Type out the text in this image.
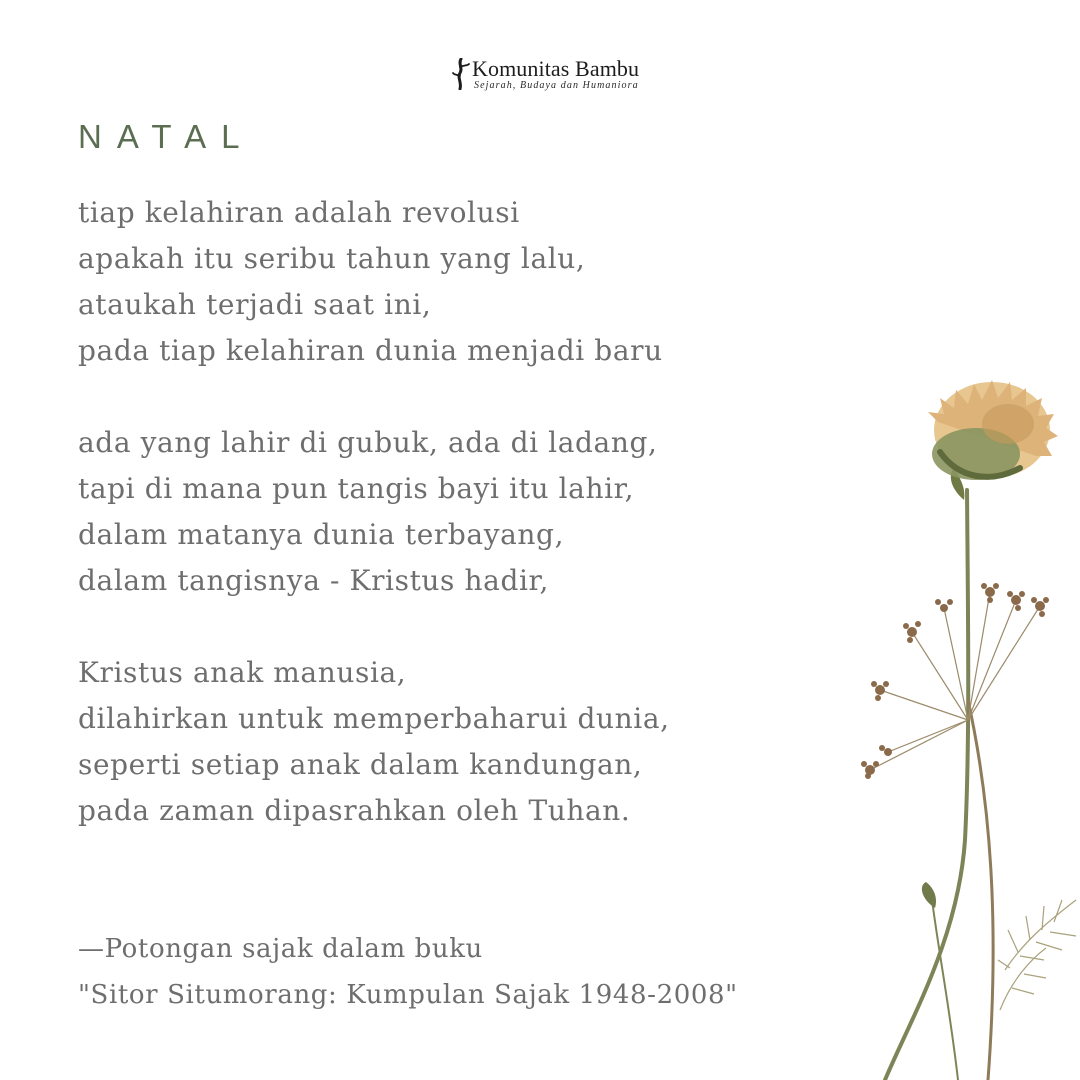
Komunitas Bambu
Sejarah, Budaya dan Humaniora
NATAL

tiap kelahiran adalah revolusi
apakah itu seribu tahun yang lalu,
ataukah terjadi saat ini,
pada tiap kelahiran dunia menjadi baru

ada yang lahir di gubuk, ada di ladang,
tapi di mana pun tangis bayi itu lahir,
dalam matanya dunia terbayang,
dalam tangisnya - Kristus hadir,

Kristus anak manusia,
dilahirkan untuk memperbaharui dunia,
seperti setiap anak dalam kandungan,
pada zaman dipasrahkan oleh Tuhan.

—Potongan sajak dalam buku
"Sitor Situmorang: Kumpulan Sajak 1948-2008"
